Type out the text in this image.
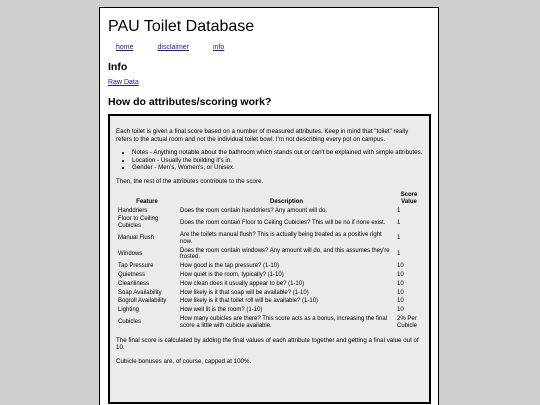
PAU Toilet Database
home	disclaimer	info
Info
Raw Data
How do attributes/scoring work?

Each toilet is given a final score based on a number of measured attributes. Keep in mind that "toilet" really refers to the actual room and not the individual toilet bowl. I'm not describing every pot on campus.

• Notes - Anything notable about the bathroom which stands out or can't be explained with simple attributes.
• Location - Usually the building it's in.
• Gender - Men's, Women's, or Unisex.

Then, the rest of the attributes contribute to the score.

Feature	Description	Score Value
Handdriers	Does the room contain handdriers? Any amount will do.	1
Floor to Ceiling Cubicles	Does the room contain Floor to Ceiling Cubicies? This will be no if none exist.	1
Manual Flush	Are the toilets manual flush? This is actually being treated as a positive right now.	1
Windows	Does the room contain windows? Any amount will do, and this assumes they're frosted.	1
Tap Pressure	How good is the tap pressure? (1-10)	10
Quietness	How quiet is the room, typically? (1-10)	10
Cleanliness	How clean does it usually appear to be? (1-10)	10
Soap Availability	How likely is it that soap will be available? (1-10)	10
Bogroll Availability	How likely is it that toilet roll will be available? (1-10)	10
Lighting	How well lit is the room? (1-10)	10
Cubicles	How many cubicles are there? This score acts as a bonus, increasing the final score a little with cubicle available.	2% Per Cubicle

The final score is calculated by adding the final values of each attribute together and getting a final value out of 10.

Cubicle bonuses are, of course, capped at 100%.
